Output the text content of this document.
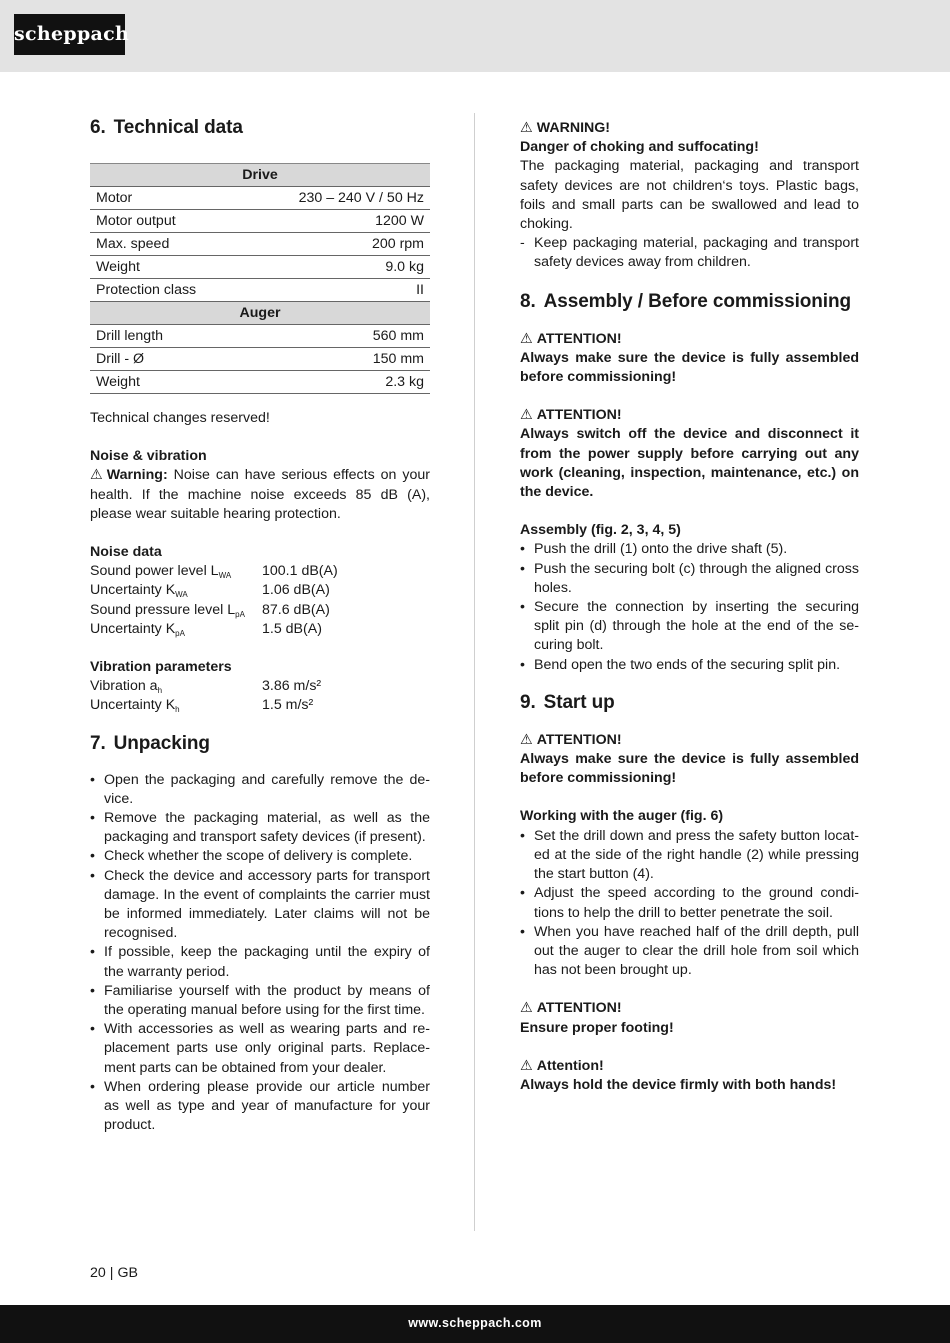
scheppach
6. Technical data
Drive	
Motor	230 – 240 V / 50 Hz
Motor output	1200 W
Max. speed	200 rpm
Weight	9.0 kg
Protection class	II
Auger	
Drill length	560 mm
Drill - Ø	150 mm
Weight	2.3 kg

Technical changes reserved!

Noise & vibration

⚠ Warning: Noise can have serious effects on your health. If the machine noise exceeds 85 dB (A), please wear suitable hearing protection.

Noise data

Sound power level $L_{WA}$	100.1 dB(A)
Uncertainty $K_{WA}$	1.06 dB(A)
Sound pressure level $L_{pA}$	87.6 dB(A)
Uncertainty $K_{pA}$	1.5 dB(A)

Vibration parameters

Vibration $a_h$	3.86 m/s²
Uncertainty $K_h$	1.5 m/s²
7. Unpacking
• Open the packaging and carefully remove the device.
• Remove the packaging material, as well as the packaging and transport safety devices (if present).
• Check whether the scope of delivery is complete.
• Check the device and accessory parts for transport damage. In the event of complaints the carrier must be informed immediately. Later claims will not be recognised.
• If possible, keep the packaging until the expiry of the warranty period.
• Familiarise yourself with the product by means of the operating manual before using for the first time.
• With accessories as well as wearing parts and replacement parts use only original parts. Replacement parts can be obtained from your dealer.
• When ordering please provide our article number as well as type and year of manufacture for your product.

⚠ WARNING!

Danger of choking and suffocating!

The packaging material, packaging and transport safety devices are not children‘s toys. Plastic bags, foils and small parts can be swallowed and lead to choking.

- Keep packaging material, packaging and transport safety devices away from children.
8. Assembly / Before commissioning

⚠ ATTENTION!

Always make sure the device is fully assembled before commissioning!

⚠ ATTENTION!

Always switch off the device and disconnect it from the power supply before carrying out any work (cleaning, inspection, maintenance, etc.) on the device.

Assembly (fig. 2, 3, 4, 5)

• Push the drill (1) onto the drive shaft (5).
• Push the securing bolt (c) through the aligned cross holes.
• Secure the connection by inserting the securing split pin (d) through the hole at the end of the securing bolt.
• Bend open the two ends of the securing split pin.
9. Start up

⚠ ATTENTION!

Always make sure the device is fully assembled before commissioning!

Working with the auger (fig. 6)

• Set the drill down and press the safety button located at the side of the right handle (2) while pressing the start button (4).
• Adjust the speed according to the ground conditions to help the drill to better penetrate the soil.
• When you have reached half of the drill depth, pull out the auger to clear the drill hole from soil which has not been brought up.

⚠ ATTENTION!

Ensure proper footing!

⚠ Attention!

Always hold the device firmly with both hands!

20 | GB
www.scheppach.com
